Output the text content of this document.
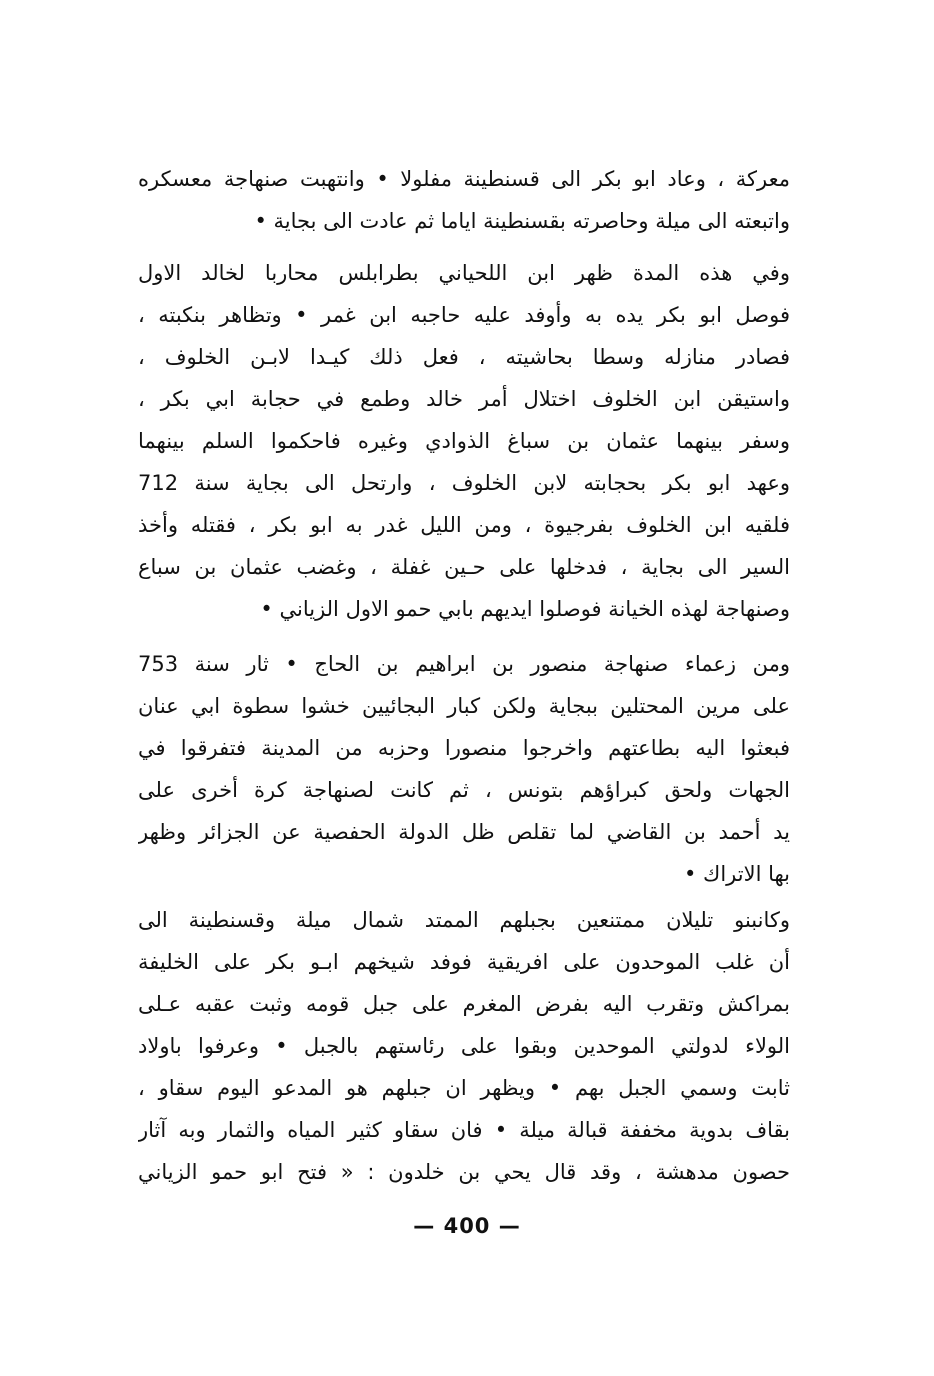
معركة ، وعاد ابو بكر الى قسنطينة مفلولا • وانتهبت صنهاجة معسكره
واتبعته الى ميلة وحاصرته بقسنطينة اياما ثم عادت الى بجاية •
وفي هذه المدة ظهر ابن اللحياني بطرابلس محاربا لخالد الاول
فوصل ابو بكر يده به وأوفد عليه حاجبه ابن غمر • وتظاهر بنكبته ،
فصادر منازله وسطا بحاشيته ، فعل ذلك كيـدا لابـن الخلوف ،
واستيقن ابن الخلوف اختلال أمر خالد وطمع في حجابة ابي بكر ،
وسفر بينهما عثمان بن سباغ الذوادي وغيره فاحكموا السلم بينهما
وعهد ابو بكر بحجابته لابن الخلوف ، وارتحل الى بجاية سنة 712
فلقيه ابن الخلوف بفرجيوة ، ومن الليل غدر به ابو بكر ، فقتله وأخذ
السير الى بجاية ، فدخلها على حـين غفلة ، وغضب عثمان بن سباع
وصنهاجة لهذه الخيانة فوصلوا ايديهم بابي حمو الاول الزياني •
ومن زعماء صنهاجة منصور بن ابراهيم بن الحاج • ثار سنة 753
على مرين المحتلين ببجاية ولكن كبار البجائيين خشوا سطوة ابي عنان
فبعثوا اليه بطاعتهم واخرجوا منصورا وحزبه من المدينة فتفرقوا في
الجهات ولحق كبراؤهم بتونس ، ثم كانت لصنهاجة كرة أخرى على
يد أحمد بن القاضي لما تقلص ظل الدولة الحفصية عن الجزائر وظهر
بها الاتراك •
وكانبنو تليلان ممتنعين بجبلهم الممتد شمال ميلة وقسنطينة الى
أن غلب الموحدون على افريقية فوفد شيخهم ابـو بكر على الخليفة
بمراكش وتقرب اليه بفرض المغرم على جبل قومه وثبت عقبه عـلى
الولاء لدولتي الموحدين وبقوا على رئاستهم بالجبل • وعرفوا باولاد
ثابت وسمي الجبل بهم • ويظهر ان جبلهم هو المدعو اليوم سقاو ،
بقاف بدوية مخففة قبالة ميلة • فان سقاو كثير المياه والثمار وبه آثار
حصون مدهشة ، وقد قال يحي بن خلدون : « فتح ابو حمو الزياني
— 400 —
